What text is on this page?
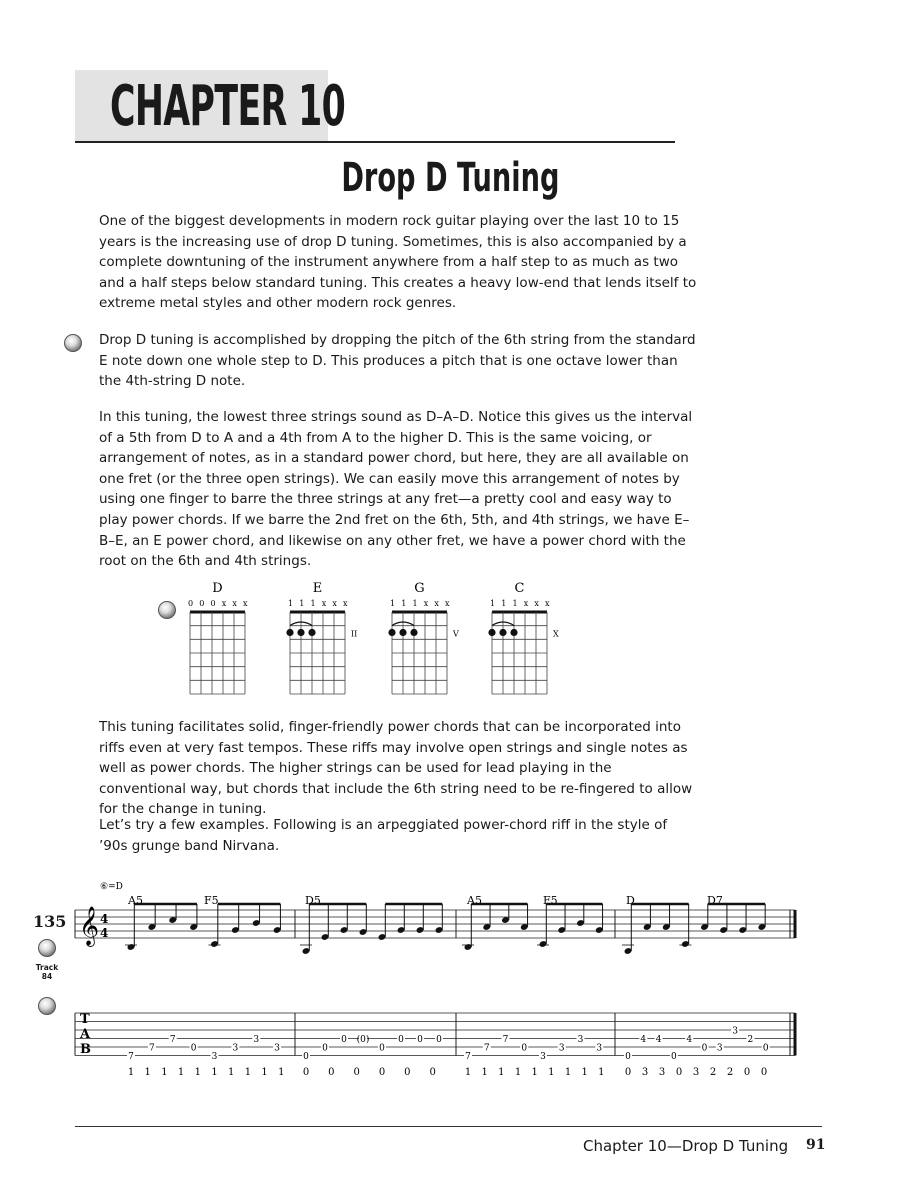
CHAPTER 10
Drop D Tuning
One of the biggest developments in modern rock guitar playing over the last 10 to 15 years is the increasing use of drop D tuning. Sometimes, this is also accompanied by a complete downtuning of the instrument anywhere from a half step to as much as two and a half steps below standard tuning. This creates a heavy low-end that lends itself to extreme metal styles and other modern rock genres.
Drop D tuning is accomplished by dropping the pitch of the 6th string from the standard E note down one whole step to D. This produces a pitch that is one octave lower than the 4th-string D note.
In this tuning, the lowest three strings sound as D–A–D. Notice this gives us the interval of a 5th from D to A and a 4th from A to the higher D. This is the same voicing, or arrangement of notes, as in a standard power chord, but here, they are all available on one fret (or the three open strings). We can easily move this arrangement of notes by using one finger to barre the three strings at any fret—a pretty cool and easy way to play power chords. If we barre the 2nd fret on the 6th, 5th, and 4th strings, we have E–B–E, an E power chord, and likewise on any other fret, we have a power chord with the root on the 6th and 4th strings.
D
0 0 0 x x x
E
1 1 1 x x x
II
G
1 1 1 x x x
V
C
1 1 1 x x x
X
This tuning facilitates solid, finger-friendly power chords that can be incorporated into riffs even at very fast tempos. These riffs may involve open strings and single notes as well as power chords. The higher strings can be used for lead playing in the conventional way, but chords that include the 6th string need to be re-fingered to allow for the change in tuning.
Let’s try a few examples. Following is an arpeggiated power-chord riff in the style of ’90s grunge band Nirvana.
135
Track
84
⑥=D
A5	F5	D5	A5	F5	D	D7
𝄞 4
4
T
A
B	7
7
7
0
3
3
3
3
1 1 1 1 1 1 1 1 1 1
0
0
0 (0)
0
0 0 0
0 0 0 0 0 0
7
7
7
0
3
3
3
3
1 1 1 1 1 1 1 1 1
0
4 4
0
4
0 3
3
2
0
0 3 3 0 3 2 2 0 0
Chapter 10—Drop D Tuning 91
